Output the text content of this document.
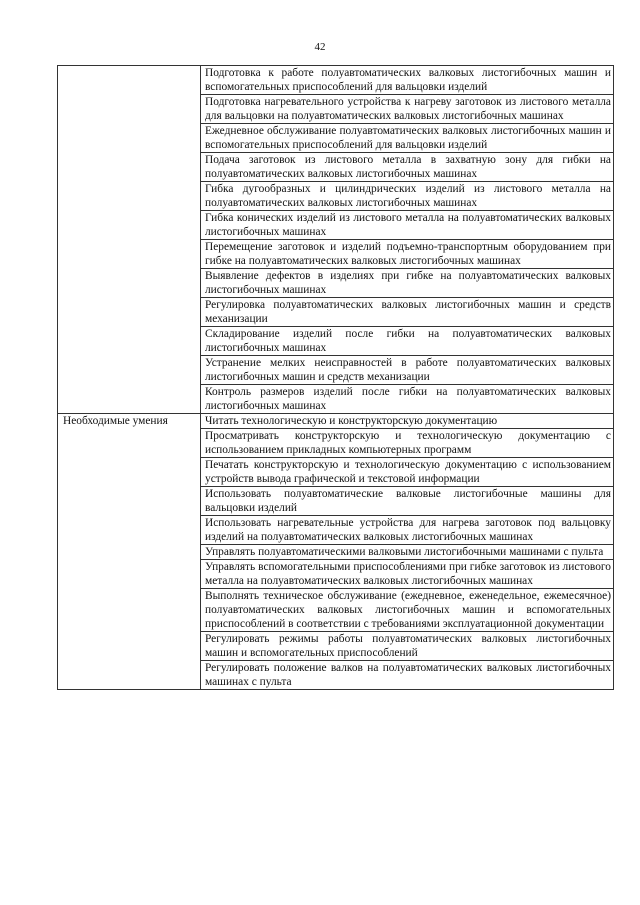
42
	Подготовка к работе полуавтоматических валковых листогибочных машин и вспомогательных приспособлений для вальцовки изделий
	Подготовка нагревательного устройства к нагреву заготовок из листового металла для вальцовки на полуавтоматических валковых листогибочных машинах
	Ежедневное обслуживание полуавтоматических валковых листогибочных машин и вспомогательных приспособлений для вальцовки изделий
	Подача заготовок из листового металла в захватную зону для гибки на полуавтоматических валковых листогибочных машинах
	Гибка дугообразных и цилиндрических изделий из листового металла на полуавтоматических валковых листогибочных машинах
	Гибка конических изделий из листового металла на полуавтоматических валковых листогибочных машинах
	Перемещение заготовок и изделий подъемно-транспортным оборудованием при гибке на полуавтоматических валковых листогибочных машинах
	Выявление дефектов в изделиях при гибке на полуавтоматических валковых листогибочных машинах
	Регулировка полуавтоматических валковых листогибочных машин и средств механизации
	Складирование изделий после гибки на полуавтоматических валковых листогибочных машинах
	Устранение мелких неисправностей в работе полуавтоматических валковых листогибочных машин и средств механизации
	Контроль размеров изделий после гибки на полуавтоматических валковых листогибочных машинах
Необходимые умения	Читать технологическую и конструкторскую документацию
	Просматривать конструкторскую и технологическую документацию с использованием прикладных компьютерных программ
	Печатать конструкторскую и технологическую документацию с использованием устройств вывода графической и текстовой информации
	Использовать полуавтоматические валковые листогибочные машины для вальцовки изделий
	Использовать нагревательные устройства для нагрева заготовок под вальцовку изделий на полуавтоматических валковых листогибочных машинах
	Управлять полуавтоматическими валковыми листогибочными машинами с пульта
	Управлять вспомогательными приспособлениями при гибке заготовок из листового металла на полуавтоматических валковых листогибочных машинах
	Выполнять техническое обслуживание (ежедневное, еженедельное, ежемесячное) полуавтоматических валковых листогибочных машин и вспомогательных приспособлений в соответствии с требованиями эксплуатационной документации
	Регулировать режимы работы полуавтоматических валковых листогибочных машин и вспомогательных приспособлений
	Регулировать положение валков на полуавтоматических валковых листогибочных машинах с пульта
